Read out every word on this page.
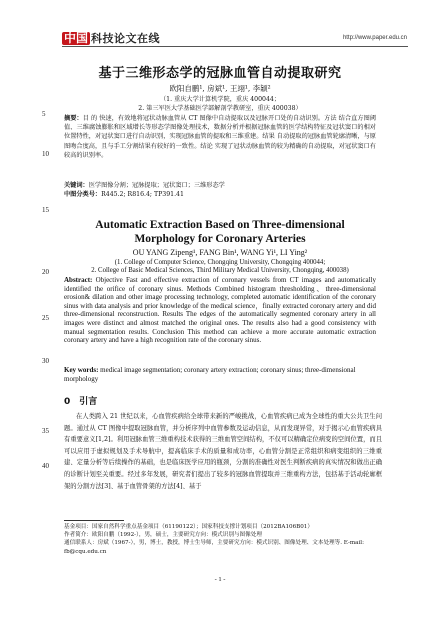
中国 科技论文在线	http://www.paper.edu.cn
基于三维形态学的冠脉血管自动提取研究
欧阳自鹏¹, 房斌¹, 王翊¹, 李颖²
（1. 重庆大学计算机学院，重庆 400044；
2. 第三军医大学基础医学部解剖学教研室，重庆 400038）
5
10
15
20
25
30
35
40
摘要：目 的 快速，有效地将冠状动脉血管从 CT 图像中自动提取以及冠脉开口处的自动识别。方法 结合直方图阈值、三维腐蚀膨胀和区域增长等形态学图像处理技术，数据分析并根据冠脉血管的医学结构特征及冠状窦口的相对位置特性，对冠状窦口进行自动识别，实现冠脉血管的提取和三维重建。结果 自动提取的冠脉血管轮廓清晰，与原图吻合度高，且与手工分割结果有较好的一致性。结论 实现了冠状动脉血管的较为精确的自动提取，对冠状窦口有较高的识别率。
关键词：医学图像分割；冠脉提取；冠状窦口；三维形态学
中图分类号：R445.2; R816.4; TP391.41
Automatic Extraction Based on Three-dimensional
Morphology for Coronary Arteries
OU YANG Zipeng¹, FANG Bin¹, WANG Yi¹, LI Ying²
(1. College of Computer Science, Chongqing University, Chongqing 400044;
2. College of Basic Medical Sciences, Third Military Medical University, Chongqing, 400038)
Abstract: Objective Fast and effective extraction of coronary vessels from CT images and automatically identified the orifice of coronary sinus. Methods Combined histogram thresholding、three-dimensional erosion& dilation and other image processing technology, completed automatic identification of the coronary sinus with data analysis and prior knowledge of the medical science，finally extracted coronary artery and did three-dimensional reconstruction. Results The edges of the automatically segmented coronary artery in all images were distinct and almost matched the original ones. The results also had a good consistency with manual segmentation results. Conclusion This method can achieve a more accurate automatic extraction coronary artery and have a high recognition rate of the coronary sinus.
Key words: medical image segmentation; coronary artery extraction; coronary sinus; three-dimensional morphology
0　引言
在人类跨入 21 世纪以来，心血管疾病给全球带来新的严峻挑战，心血管疾病已成为全球性的重大公共卫生问题。通过从 CT 图像中提取冠脉血管，并分析序列中血管参数及运动信息，从而发现异常，对于揭示心血管疾病具有重要意义[1,2]。利用冠脉血管三维重构技术获得的三维血管空间结构，不仅可以精确定位病变的空间位置，而且可以应用于虚拟规划及手术导航中，提高临床手术的质量和成功率，心血管分割是正常组织和病变组织的三维重建、定量分析等后续操作的基础，也是临床医学应用的瓶颈，分割的准确性对医生判断疾病的真实情况和做出正确的诊断计划至关重要。经过多年发展，研究者们提出了较多的冠脉血管提取并三维重构方法，包括基于活动轮廓框架的分割方法[3]、基于血管骨架的方法[4]、基于
基金项目：国家自然科学重点基金项目（61190122）；国家科技支撑计划项目（2012BA106B01）
作者简介：欧阳自鹏（1992-），男，硕士，主要研究方向：模式识别与图像处理
通信联系人：房斌（1967-），男，博士，教授，博士生导师，主要研究方向：模式识别、图像处理、文本处理等. E-mail: fb@cqu.edu.cn
- 1 -
